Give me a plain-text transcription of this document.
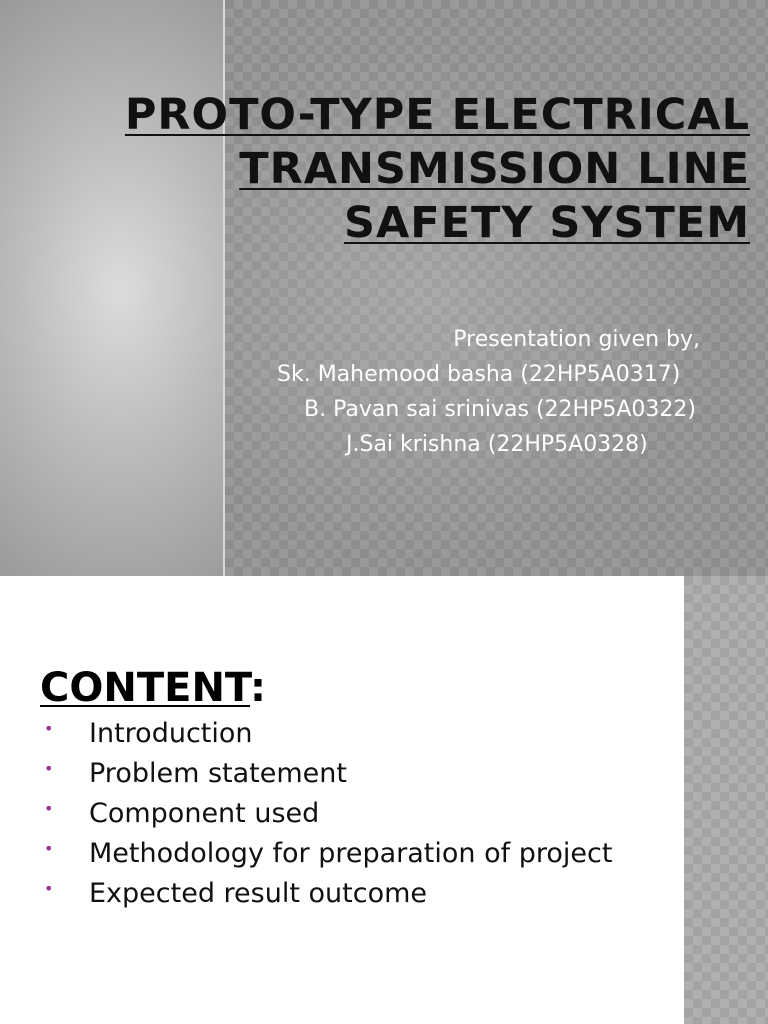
PROTO-TYPE ELECTRICAL
TRANSMISSION LINE
SAFETY SYSTEM
Presentation given by,
Sk. Mahemood basha (22HP5A0317)
B. Pavan sai srinivas (22HP5A0322)
J.Sai krishna (22HP5A0328)
CONTENT:
• Introduction
• Problem statement
• Component used
• Methodology for preparation of project
• Expected result outcome
